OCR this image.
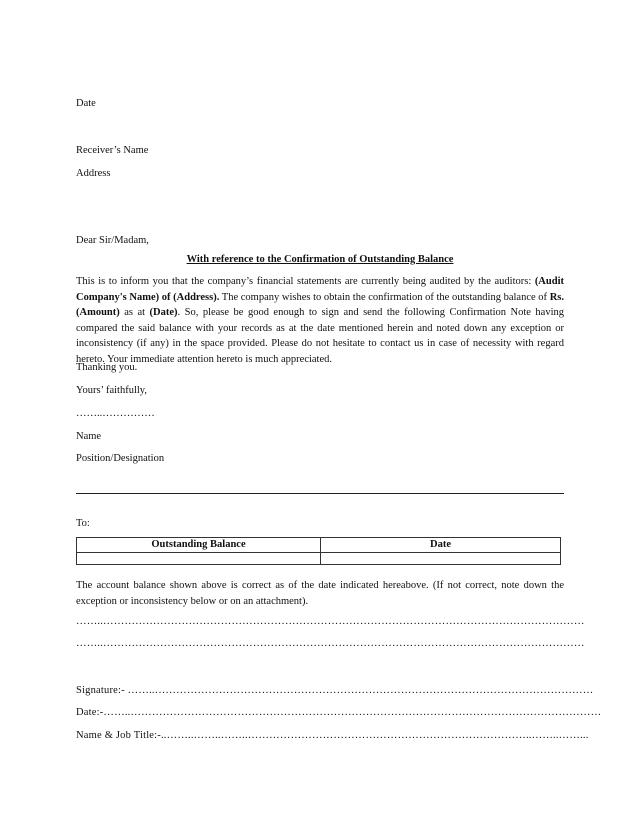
Date
Receiver’s Name
Address
Dear Sir/Madam,
With reference to the Confirmation of Outstanding Balance
This is to inform you that the company’s financial statements are currently being audited by the auditors: (Audit Company's Name) of (Address). The company wishes to obtain the confirmation of the outstanding balance of Rs. (Amount) as at (Date). So, please be good enough to sign and send the following Confirmation Note having compared the said balance with your records as at the date mentioned herein and noted down any exception or inconsistency (if any) in the space provided. Please do not hesitate to contact us in case of necessity with regard hereto. Your immediate attention hereto is much appreciated.
Thanking you.
Yours’ faithfully,
……..……………
Name
Position/Designation
To:
Outstanding Balance	Date

The account balance shown above is correct as of the date indicated hereabove. (If not correct, note down the exception or inconsistency below or on an attachment).
……..………………………………………………………………………………………………………………………
……..………………………………………………………………………………………………………………………
Signature:- ……..……………………………………………………………………………………………………………
Date:-……..……………………………………………………………………………………………………………………
Name & Job Title:-..……..……..……..……………………………………………………………………..……..……...
